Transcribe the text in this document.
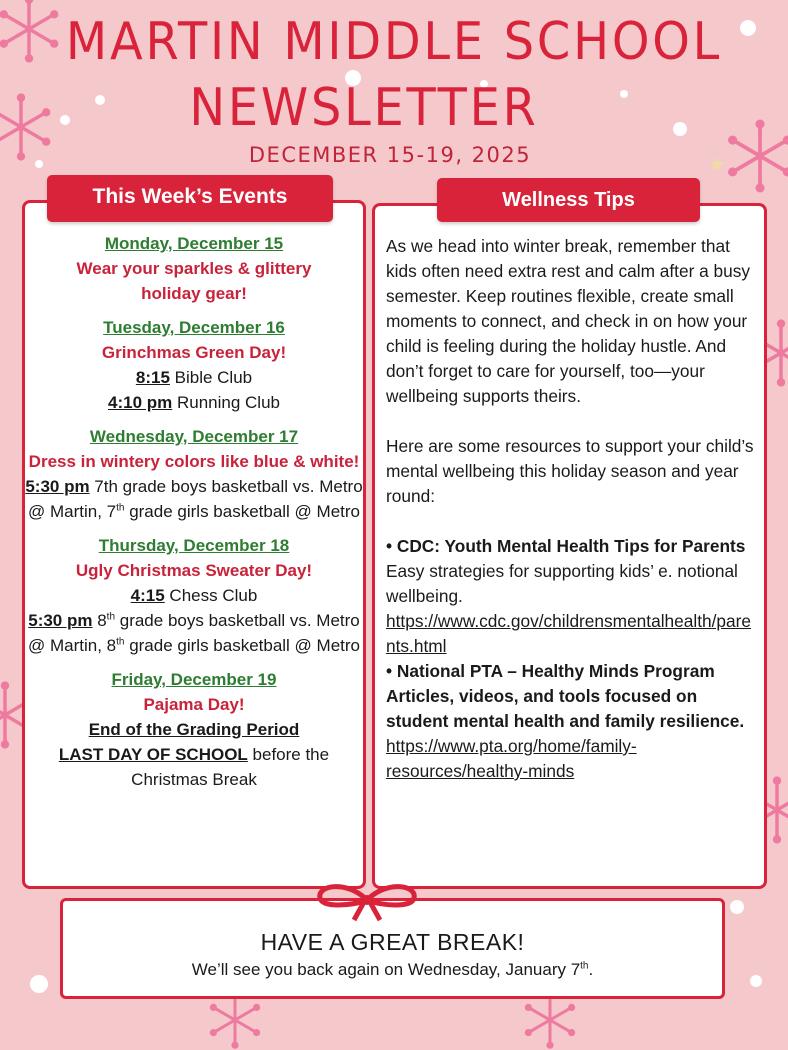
MARTIN MIDDLE SCHOOL
NEWSLETTER
DECEMBER 15-19, 2025
Monday, December 15
Wear your sparkles & glittery holiday gear!
Tuesday, December 16
Grinchmas Green Day!
8:15 Bible Club
4:10 pm Running Club
Wednesday, December 17
Dress in wintery colors like blue & white!
5:30 pm 7th grade boys basketball vs. Metro @ Martin, 7th grade girls basketball @ Metro
Thursday, December 18
Ugly Christmas Sweater Day!
4:15 Chess Club
5:30 pm 8th grade boys basketball vs. Metro @ Martin, 8th grade girls basketball @ Metro
Friday, December 19
Pajama Day!
End of the Grading Period
LAST DAY OF SCHOOL before the Christmas Break
This Week’s Events

As we head into winter break, remember that kids often need extra rest and calm after a busy semester. Keep routines flexible, create small moments to connect, and check in on how your child is feeling during the holiday hustle. And don’t forget to care for yourself, too—your wellbeing supports theirs.

Here are some resources to support your child’s mental wellbeing this holiday season and year round:

• CDC: Youth Mental Health Tips for Parents
Easy strategies for supporting kids’ e. notional wellbeing.
https://www.cdc.gov/childrensmentalhealth/parents.html
• National PTA – Healthy Minds Program
Articles, videos, and tools focused on student mental health and family resilience.
https://www.pta.org/home/family-resources/healthy-minds
Wellness Tips
HAVE A GREAT BREAK!
We’ll see you back again on Wednesday, January 7th.
